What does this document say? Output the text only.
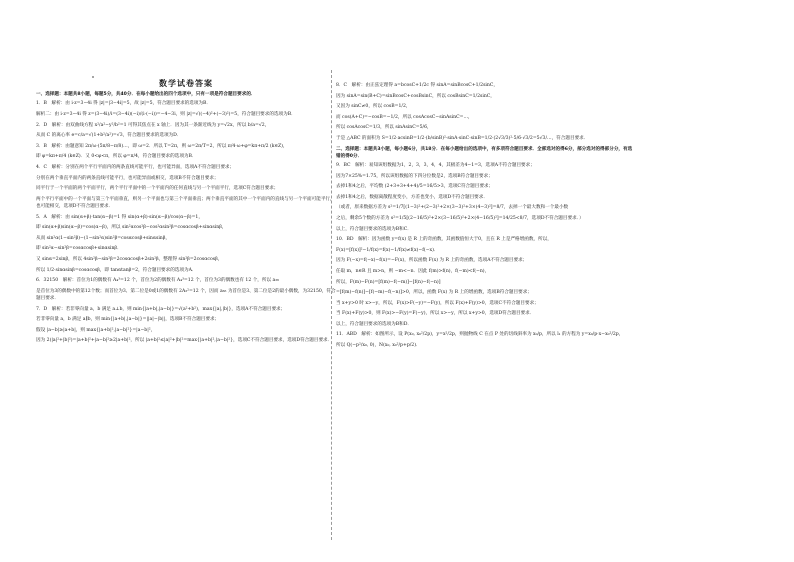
数学试卷答案
一、选择题：本题共8小题，每题5分，共40分．在每小题给出的四个选项中，只有一项是符合题目要求的．
1．B　解析：由 i·z=3−4i 得 |z|=|3−4i|=5，故 |z|=5，符合题目要求的选项为B．
解析二：由 i·z=3−4i 得 z=(3−4i)/i=(3−4i)(−i)/(i·(−i))=−4−3i，则 |z|=√((−4)²+(−3)²)=5，符合题目要求的选项为B．
2．D　解析：由双曲线方程 x²/a²−y²/b²=1 可得其焦点在 x 轴上．因为其一条渐近线为 y=√2x，所以 b/a=√2，
从而 C 的离心率 e=c/a=√(1+b²/a²)=√3，符合题目要求的选项为D．
3．B　解析：由题意知 2π/ω·(5π/8−π/8)…，即 ω=2．所以 T=2π，则 ω=2π/T=2，所以 π/4·ω+φ=kπ+π/2 (k∈Z)，
即 φ=kπ+π/4 (k∈Z)．又 0<φ<π，所以 φ=π/4，符合题目要求的选项为B．
4．C　解析：分别在两个平行平面内的两条直线可能平行，也可能异面，选项A不符合题目要求；
分别在两个垂直平面内的两条直线可能平行，也可能异面或相交，选项B不符合题目要求；
同平行于一个平面的两个平面平行，两个平行平面中的一个平面内的任何直线与另一个平面平行，选项C符合题目要求；
两个平行平面中的一个平面与第三个平面垂直，则另一个平面也与第三个平面垂直；两个垂直平面的其中一个平面内的直线与另一个平面可能平行，也可能相交，选项D不符合题目要求．
5．A　解析：由 sin(α+β)·tan(α−β)=1 得 sin(α+β)·sin(α−β)/cos(α−β)=1，
即 sin(α+β)sin(α−β)=cos(α−β)，所以 sin²αcos²β−cos²αsin²β=cosαcosβ+sinαsinβ，
从而 sin²α(1−sin²β)−(1−sin²α)sin²β=cosαcosβ+sinαsinβ，
即 sin²α−sin²β=cosαcosβ+sinαsinβ．
又 sinα=2sinβ，所以 4sin²β−sin²β=2cosαcosβ+2sin²β，整理得 sin²β=2cosαcosβ，
所以 1/2·sinαsinβ=cosαcosβ，即 tanαtanβ=2，符合题目要求的选项为A．
6．32150　解析：首位为1的偶数有 A₄³=12 个，首位为2的偶数有 A₄³=12 个，首位为3的偶数也有 12 个，所以 a₃₆
是首位为3的偶数中的第12个数；而首位为3、第二位是0或1的偶数有 2A₃²=12 个，因而 a₃₆ 为首位是3、第二位是2的最小偶数，为32150，符合题目要求．
7．D　解析：若非零向量 a，b 满足 a⊥b，则 min{|a+b|,|a−b|}=√(a²+b²)，max{|a|,|b|}，选项A不符合题目要求；
若非零向量 a，b 满足 a∥b，则 min{|a+b|,|a−b|}=||a|−|b||，选项B不符合题目要求；
假设 |a−b|≥|a+b|，则 max{|a+b|²,|a−b|²}=|a−b|²，
因为 2(|a|²+|b|²)=|a+b|²+|a−b|²≥2|a+b|²，所以 |a+b|²≤|a|²+|b|²=max{|a+b|²,|a−b|²}，选项C不符合题目要求，选项D符合题目要求．
8．C　解析：由正弦定理得 a=bcosC+1/2c 得 sinA=sinBcosC+1/2sinC，
因为 sinA=sin(B+C)=sinBcosC+cosBsinC，所以 cosBsinC=1/2sinC，
又因为 sinC≠0，所以 cosB=1/2，
而 cos(A+C)=−cosB=−1/2，所以 cosAcosC−sinAsinC=…，
所以 cosAcosC=1/3，所以 sinAsinC=5/6，
于是 △ABC 的面积为 S=1/2·acsinB=1/2·(b/sinB)²·sinA·sinC·sinB=1/2·(2√3/3)²·5/6·√3/2=5√3/…，符合题目要求．
二、选择题：本题共3小题，每小题6分，共18分．在每小题给出的选项中，有多项符合题目要求．全部选对的得6分，部分选对的得部分分，有选错的得0分．
9．BC　解析：易知该组数据为1，2，3，3，4，4，其极差为4−1=3，选项A不符合题目要求；
因为7×25%=1.75，所以该组数据的下四分位数是2，选项B符合题目要求；
去掉1和4之后，平均数 (2+3+3+4+4)/5=16/5>3，选项C符合题目要求；
去掉1和4之后，数据离散程度变小，方差也变小，选项D不符合题目要求．
（或者，原来数据方差为 s²=1/7[(1−3)²+(2−3)²+2×(3−3)²+3×(4−3)²]=8/7，去掉一个最大数和一个最小数
之后，剩余5个数的方差为 s²=1/5[(2−16/5)²+2×(3−16/5)²+2×(4−16/5)²]=14/25<8/7，选项D不符合题目要求．）
以上，符合题目要求的选项为B和C．
10．BD　解析：因为函数 y=f(x) 是 R 上的奇函数，其函数值恒大于0，且在 R 上是严格增函数，所以，
F(x)=[f(x)]²−1/f(x)=f(x)−1/f(x)≠f(x)−f(−x)．
因为 F(−x)=f(−x)−f(x)=−F(x)，所以函数 F(x) 为 R 上的奇函数，选项A不符合题目要求；
任取 m，n∈R 且 m>n，则 −m<−n．因此 f(m)>f(n)，f(−m)<f(−n)，
所以，F(m)−F(n)=[f(m)−f(−m)]−[f(n)−f(−n)]
=[f(m)−f(n)]−[f(−m)−f(−n)]>0，所以，函数 F(x) 为 R 上的增函数，选项B符合题目要求；
当 x+y>0 时 x>−y，所以，F(x)>F(−y)=−F(y)，所以 F(x)+F(y)>0，选项C不符合题目要求；
当 F(x)+F(y)>0，则 F(x)>−F(y)=F(−y)，所以 x>−y，所以 x+y>0，选项D符合题目要求．
以上，符合题目要求的选项为B和D．
11．ABD　解析：如图所示，设 P(x₀, x₀²/2p)，y=x²/2p，则抛物线 C 在点 P 处的切线斜率为 x₀/p，所以 l₁ 的方程为 y=x₀/p·x−x₀²/2p，
所以 Q(−p²/x₀, 0)，N(x₀, x₀²/p+p/2)．
